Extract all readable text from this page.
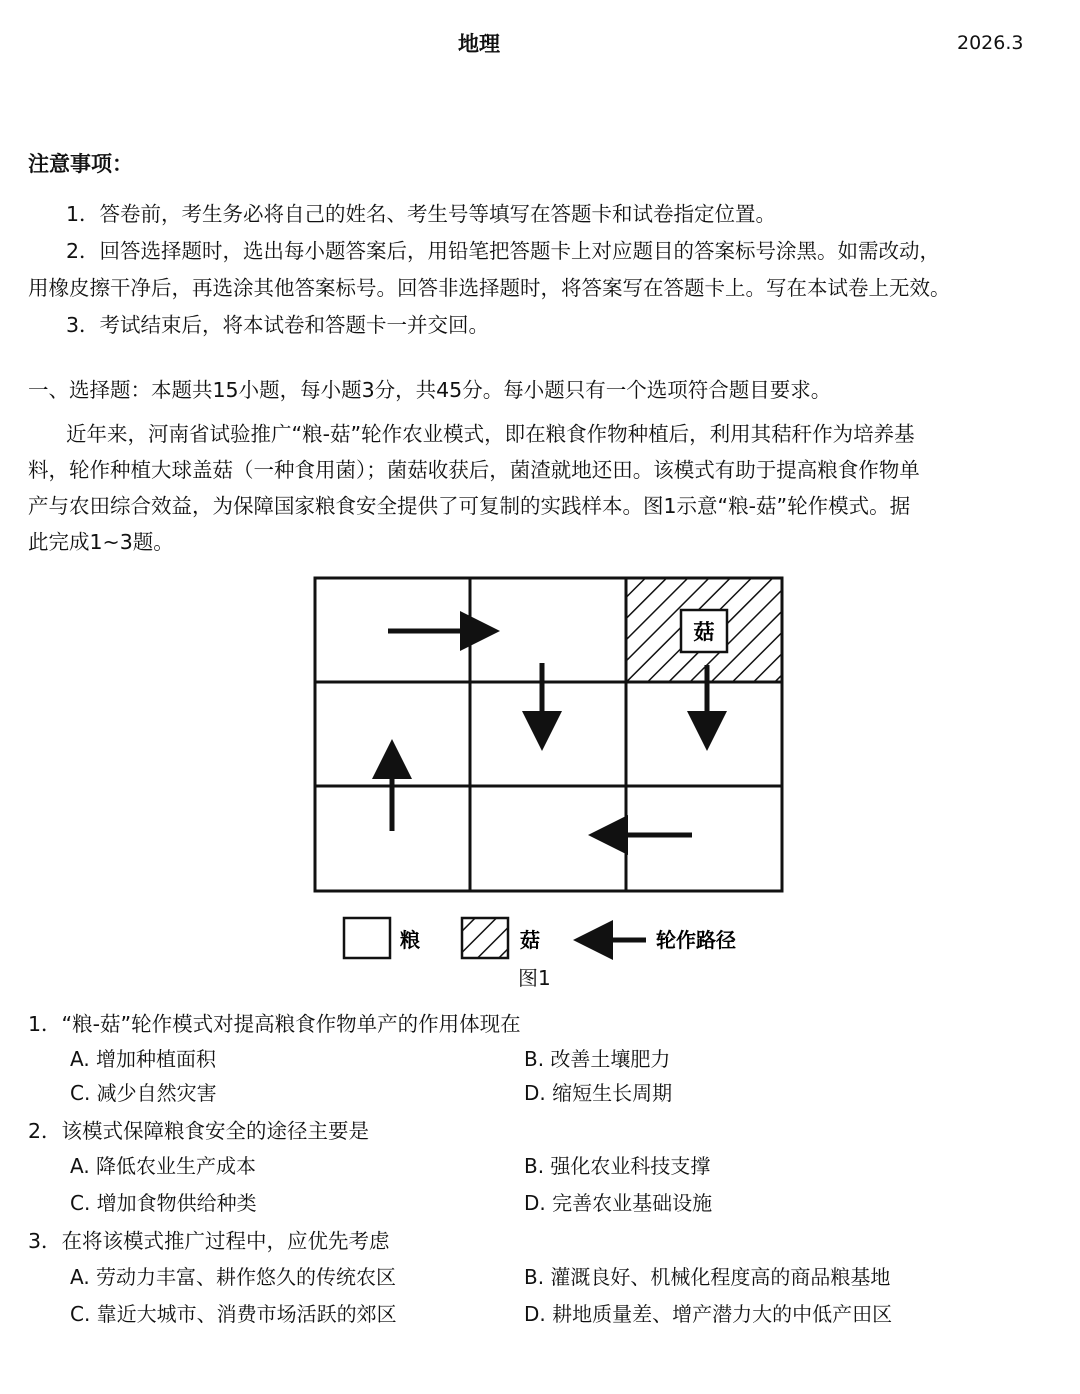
地理	2026.3
注意事项：
1．答卷前，考生务必将自己的姓名、考生号等填写在答题卡和试卷指定位置。
2．回答选择题时，选出每小题答案后，用铅笔把答题卡上对应题目的答案标号涂黑。如需改动，
用橡皮擦干净后，再选涂其他答案标号。回答非选择题时，将答案写在答题卡上。写在本试卷上无效。
3．考试结束后，将本试卷和答题卡一并交回。
一、选择题：本题共15小题，每小题3分，共45分。每小题只有一个选项符合题目要求。
近年来，河南省试验推广“粮-菇”轮作农业模式，即在粮食作物种植后，利用其秸秆作为培养基
料，轮作种植大球盖菇（一种食用菌）；菌菇收获后，菌渣就地还田。该模式有助于提高粮食作物单
产与农田综合效益，为保障国家粮食安全提供了可复制的实践样本。图1示意“粮-菇”轮作模式。据
此完成1~3题。
菇
粮	菇	轮作路径
图1
1．“粮-菇”轮作模式对提高粮食作物单产的作用体现在
A. 增加种植面积	B. 改善土壤肥力
C. 减少自然灾害	D. 缩短生长周期
2．该模式保障粮食安全的途径主要是
A. 降低农业生产成本	B. 强化农业科技支撑
C. 增加食物供给种类	D. 完善农业基础设施
3．在将该模式推广过程中，应优先考虑
A. 劳动力丰富、耕作悠久的传统农区	B. 灌溉良好、机械化程度高的商品粮基地
C. 靠近大城市、消费市场活跃的郊区	D. 耕地质量差、增产潜力大的中低产田区
